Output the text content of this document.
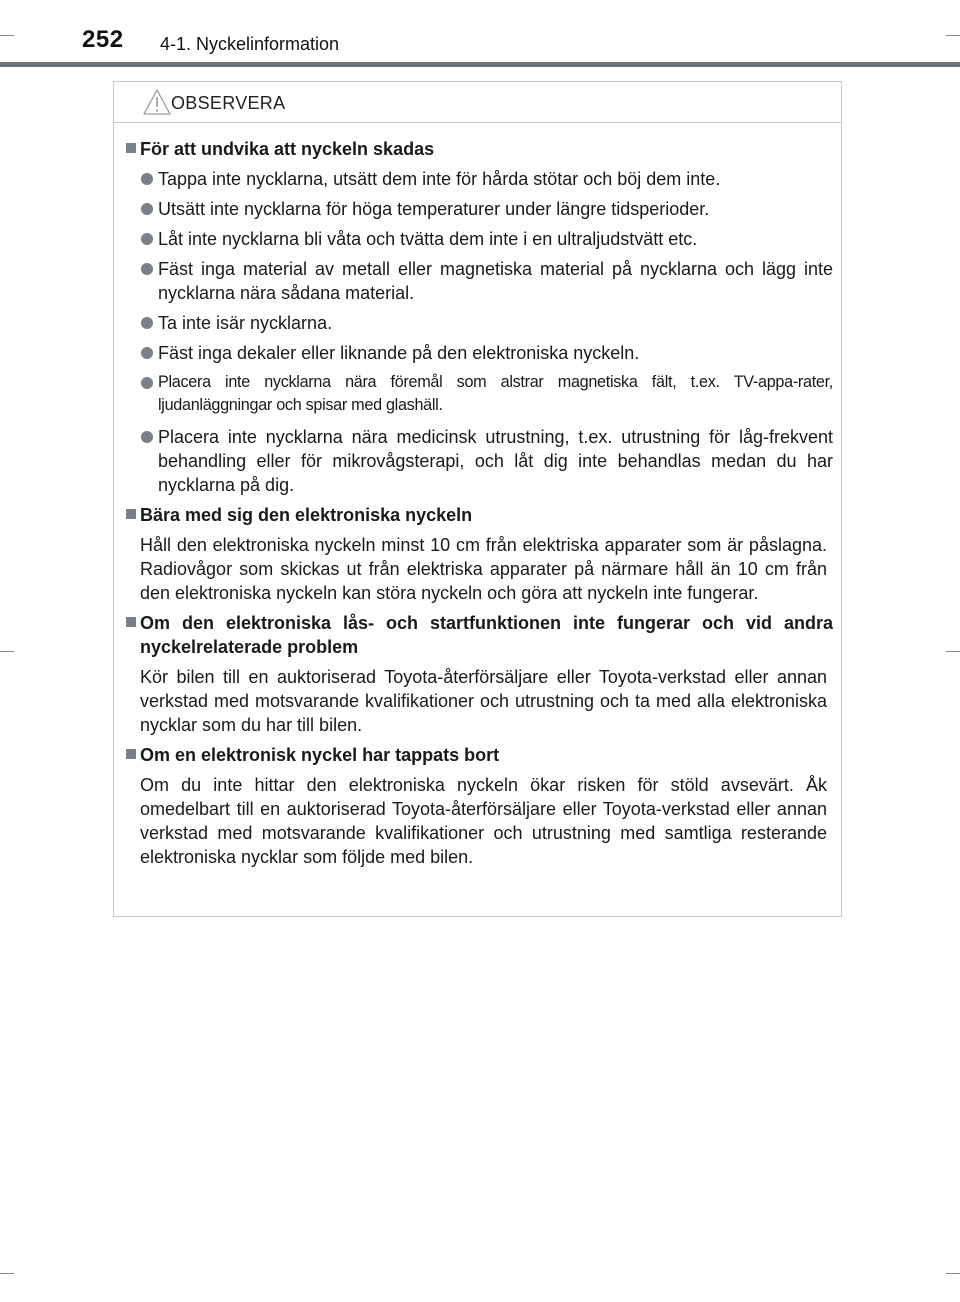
252 4-1. Nyckelinformation
OBSERVERA
För att undvika att nyckeln skadas
Tappa inte nycklarna, utsätt dem inte för hårda stötar och böj dem inte.
Utsätt inte nycklarna för höga temperaturer under längre tidsperioder.
Låt inte nycklarna bli våta och tvätta dem inte i en ultraljudstvätt etc.
Fäst inga material av metall eller magnetiska material på nycklarna och lägg inte nycklarna nära sådana material.
Ta inte isär nycklarna.
Fäst inga dekaler eller liknande på den elektroniska nyckeln.
Placera inte nycklarna nära föremål som alstrar magnetiska fält, t.ex. TV-appa-rater, ljudanläggningar och spisar med glashäll.
Placera inte nycklarna nära medicinsk utrustning, t.ex. utrustning för låg-frekvent behandling eller för mikrovågsterapi, och låt dig inte behandlas medan du har nycklarna på dig.
Bära med sig den elektroniska nyckeln
Håll den elektroniska nyckeln minst 10 cm från elektriska apparater som är påslagna. Radiovågor som skickas ut från elektriska apparater på närmare håll än 10 cm från den elektroniska nyckeln kan störa nyckeln och göra att nyckeln inte fungerar.
Om den elektroniska lås- och startfunktionen inte fungerar och vid andra nyckelrelaterade problem
Kör bilen till en auktoriserad Toyota-återförsäljare eller Toyota-verkstad eller annan verkstad med motsvarande kvalifikationer och utrustning och ta med alla elektroniska nycklar som du har till bilen.
Om en elektronisk nyckel har tappats bort
Om du inte hittar den elektroniska nyckeln ökar risken för stöld avsevärt. Åk omedelbart till en auktoriserad Toyota-återförsäljare eller Toyota-verkstad eller annan verkstad med motsvarande kvalifikationer och utrustning med samtliga resterande elektroniska nycklar som följde med bilen.
